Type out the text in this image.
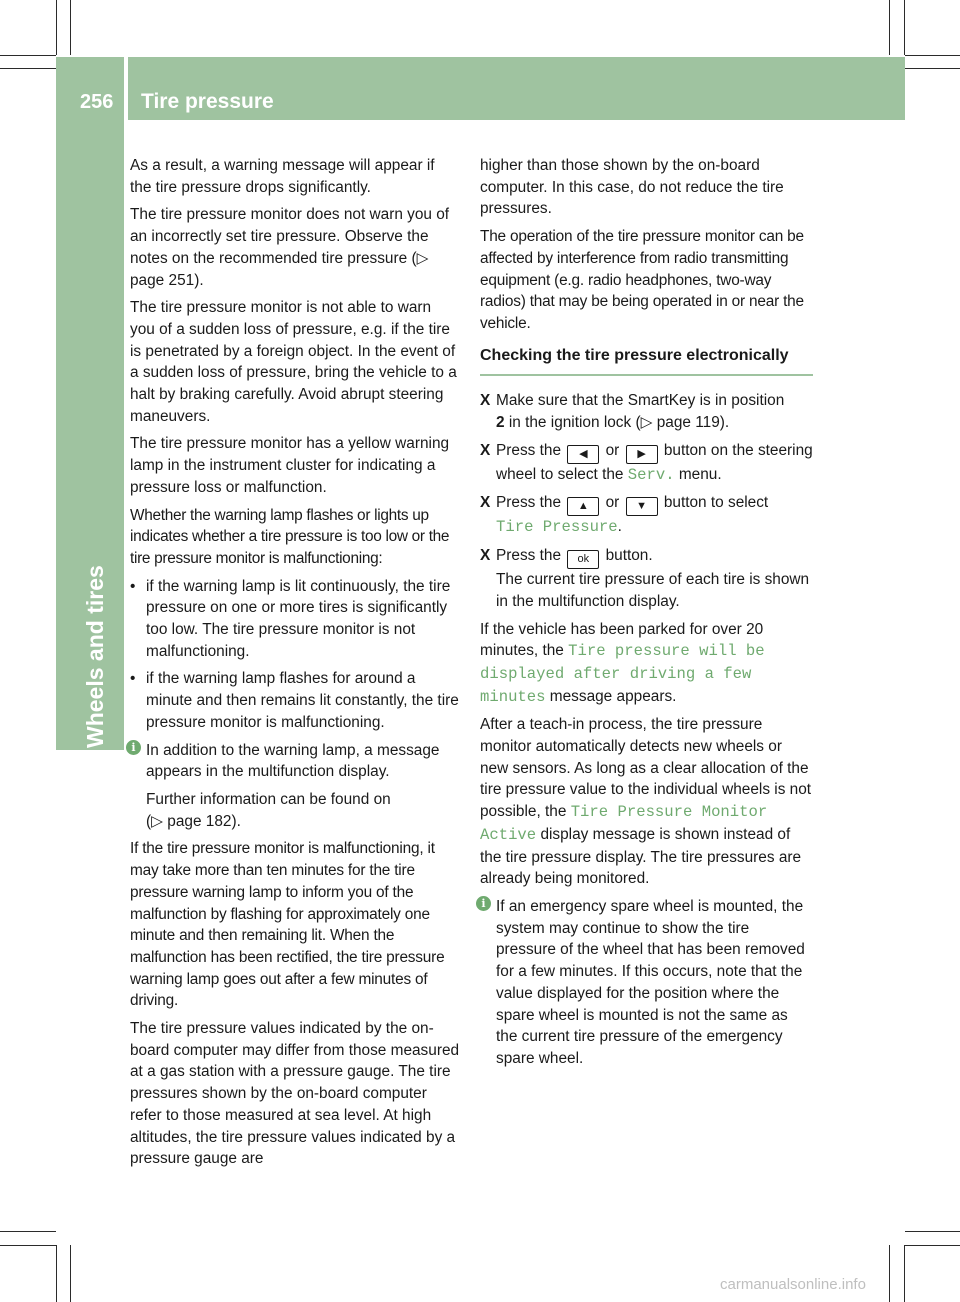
256 Tire pressure
Wheels and tires

As a result, a warning message will appear if the tire pressure drops significantly.

The tire pressure monitor does not warn you of an incorrectly set tire pressure. Observe the notes on the recommended tire pressure (▷ page 251).

The tire pressure monitor is not able to warn you of a sudden loss of pressure, e.g. if the tire is penetrated by a foreign object. In the event of a sudden loss of pressure, bring the vehicle to a halt by braking carefully. Avoid abrupt steering maneuvers.

The tire pressure monitor has a yellow warning lamp in the instrument cluster for indicating a pressure loss or malfunction.

Whether the warning lamp flashes or lights up indicates whether a tire pressure is too low or the tire pressure monitor is malfunctioning:

• if the warning lamp is lit continuously, the tire pressure on one or more tires is significantly too low. The tire pressure monitor is not malfunctioning.

• if the warning lamp flashes for around a minute and then remains lit constantly, the tire pressure monitor is malfunctioning.

i In addition to the warning lamp, a message appears in the multifunction display.

Further information can be found on
(▷ page 182).

If the tire pressure monitor is malfunctioning, it may take more than ten minutes for the tire pressure warning lamp to inform you of the malfunction by flashing for approximately one minute and then remaining lit. When the malfunction has been rectified, the tire pressure warning lamp goes out after a few minutes of driving.

The tire pressure values indicated by the on-board computer may differ from those measured at a gas station with a pressure gauge. The tire pressures shown by the on-board computer refer to those measured at sea level. At high altitudes, the tire pressure values indicated by a pressure gauge are

higher than those shown by the on-board computer. In this case, do not reduce the tire pressures.

The operation of the tire pressure monitor can be affected by interference from radio transmitting equipment (e.g. radio headphones, two-way radios) that may be being operated in or near the vehicle.

Checking the tire pressure electronically

X Make sure that the SmartKey is in position
2 in the ignition lock (▷ page 119).

X Press the ◀ or ▶ button on the steering wheel to select the Serv. menu.

X Press the ▲ or ▼ button to select
Tire Pressure.

X Press the ok button.
The current tire pressure of each tire is shown in the multifunction display.

If the vehicle has been parked for over 20 minutes, the Tire pressure will be displayed after driving a few minutes message appears.

After a teach-in process, the tire pressure monitor automatically detects new wheels or new sensors. As long as a clear allocation of the tire pressure value to the individual wheels is not possible, the Tire Pressure Monitor Active display message is shown instead of the tire pressure display. The tire pressures are already being monitored.

i If an emergency spare wheel is mounted, the system may continue to show the tire pressure of the wheel that has been removed for a few minutes. If this occurs, note that the value displayed for the position where the spare wheel is mounted is not the same as the current tire pressure of the emergency spare wheel.

carmanualsonline.info
